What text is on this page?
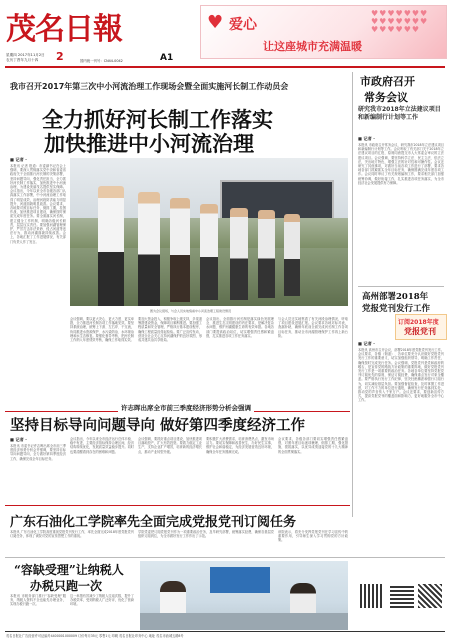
茂名日報
星期四 2017年11月2日
农历丁酉年九月十四	国内统一刊号：CN44-0042
2	A1
♥ 爱心
让这座城市充满温暖
♥♥♥♥♥♥♥ ♥♥♥♥♥♥♥ ♥♥♥♥♥♥
我市召开2017年第三次中小河流治理工作现场会暨全面实施河长制工作动员会
全力抓好河长制工作落实
加快推进中小河流治理
■ 记者 ·
本报讯 记者 报道：市委副书记在会上强调，要深入贯彻落实党中央和省委省政府关于全面推行河长制的决策部署，坚持问题导向，强化责任担当，全力抓好河长制工作落实，加快推进中小河流治理，为建设美丽茂名提供坚实保障。会议指出，今年以来全市各级各部门认真落实工作部署，中小河流治理工作取得了明显成效，治理河段防洪能力明显提升，河道面貌明显改善。会议要求，各地要对照目标任务，倒排工期，挂图作战，加快推进项目建设，确保按时保质完成年度任务。要全面落实河长制，建立健全工作机制，明确各级河长职责，层层压实责任。要加强河湖管理保护，严厉打击非法采砂、侵占河道等违法行为，推动河湖面貌持续改善。会上，各地汇报了工作进展情况，有关部门负责人作了发言。
图为会议现场，与会人员实地察看中小河流治理工程建设情况
会议强调，要以更大决心、更大力度、更实举措，全力推进河长制各项工作落地见效。要坚持系统治理，统筹上下游、左右岸、干支流，协同推进水资源保护、水污染防治、水环境治理和水生态修复。要强化督导考核，把河长制工作纳入年度绩效考核，确保工作取得实效。
要加大资金投入，积极争取上级支持，多渠道筹措建设资金，保障项目顺利推进。要加强工程质量和安全管理，严格执行基本建设程序，确保工程质量经得起检验。要广泛宣传发动，营造全社会关心支持河湖保护的良好氛围，形成共建共治共享格局。
会议指出，全面推行河长制是落实绿色发展理念、推进生态文明建设的内在要求，是解决复杂水问题、维护河湖健康生命的有效举措。各地各部门要提高政治站位，切实增强责任感和紧迫感，扎实推进各项工作任务落实。
与会人员还实地察看了有关河段治理情况，听取了项目建设进展汇报。会议要求各地对标对表，查漏补缺，确保年底前全面完成河长制工作各项目标任务，推动全市河湖管理保护工作再上新台阶。
市政府召开
常务会议
研究我市2018年立法建议项目和新编制行计划等工作
■ 记者 ·
本报讯 市政府召开常务会议，研究我市2018年立法建议项目和新编制行计划等工作。会议听取了有关部门关于2018年立法建议项目的汇报，原则同意提交市人大常委会审议的立法建议项目。会议强调，要坚持科学立法、民主立法、依法立法，突出地方特色，增强立法的针对性和可操作性。会议还研究了其他事项，对做好当前各项工作进行了部署，要求各地各部门抓紧抓实全年目标任务，确保圆满完成年度各项工作。会议同时审议了有关规划编制工作，要求相关部门加强统筹协调，做好衔接工作，扎实推进各项任务落实，为全市经济社会发展提供有力保障。
高州部署2018年
党报党刊发行工作
订阅2018年度
党报党刊
■ 记者 ·
本报讯 高州市召开会议，部署2018年度党报党刊发行工作。会议要求，各镇（街道）、各单位要充分认识做好党报党刊发行工作的重要意义，切实加强组织领导，明确工作责任，确保按时完成发行任务。会议强调，党报党刊是党和政府的喉舌，是宣传党的路线方针政策的重要阵地，做好党报党刊发行工作是一项重要的政治任务。各地各单位要坚持党报党刊订阅优先的原则，保证订阅经费，确保重点发行对象全覆盖。要严格执行发行工作纪律，坚决杜绝摊派和强行订阅行为，切实减轻基层负担。要加强督促检查，及时掌握工作进度，对工作不力的单位进行通报，确保发行任务落到实处，推动党的声音传入千家万户。会议还要求，要创新宣传方式，提高党报党刊的覆盖面和影响力，更好地服务全市中心工作。
许志晖出席全市前三季度经济形势分析会强调
坚持目标导向问题导向 做好第四季度经济工作
■ 记者 ·
本报讯 市委书记许志晖出席全市前三季度经济形势分析会并强调，要坚持目标导向问题导向，全力做好第四季度经济工作，确保完成全年目标任务。
会议指出，今年以来全市经济运行总体平稳、稳中有进，主要经济指标保持合理区间，经济结构持续优化，发展质量效益稳步提升。同时也要清醒看到存在的困难和问题。
会议强调，要抓好重点项目建设，加快推进项目落地投产，扩大有效投资。要着力稳定工业生产，支持企业扩产增效，培育新的经济增长点，推动产业转型升级。
要积极扩大消费需求，培育消费热点，激发市场活力。要切实保障和改善民生，办好民生实事，维护社会和谐稳定，为经济发展营造良好环境，确保全年任务圆满完成。
会议要求，各级各部门要切实增强责任感紧迫感，对照年度目标逐项梳理，倒排工期，强化措施，狠抓落实，以优异成绩迎接党的十九大精神的全面贯彻落实。
广东石油化工学院率先全面完成党报党刊订阅任务
本报讯 广东石油化工学院高度重视党报党刊发行工作，率先全面完成2018年度党报党刊订阅任务，体现了该院对党的宣传思想工作的重视。
学院党委把订阅党报党刊作为一项重要政治任务，及早研究部署，统筹落实经费，确保各基层党组织订阅到位，为全市做好发行工作作出了示范。
该院表示，将充分发挥党报党刊在学习宣传中的重要作用，引导师生深入学习贯彻党的方针政策。
“容缺受理”让纳税人
办税只跑一次
本报讯 市税务部门推行“容缺受理”服务，纳税人资料不全也能先办理业务，实现办税只跑一次。
这一举措有效减少了纳税人往返次数，提升了办税效率，受到纳税人广泛好评，优化了营商环境。
茂名日报社广告经营许可证编号4400001000009 订价每月35元 零售1元 印刷 茂名日报社印务中心 地址 茂名市油城五路8号
